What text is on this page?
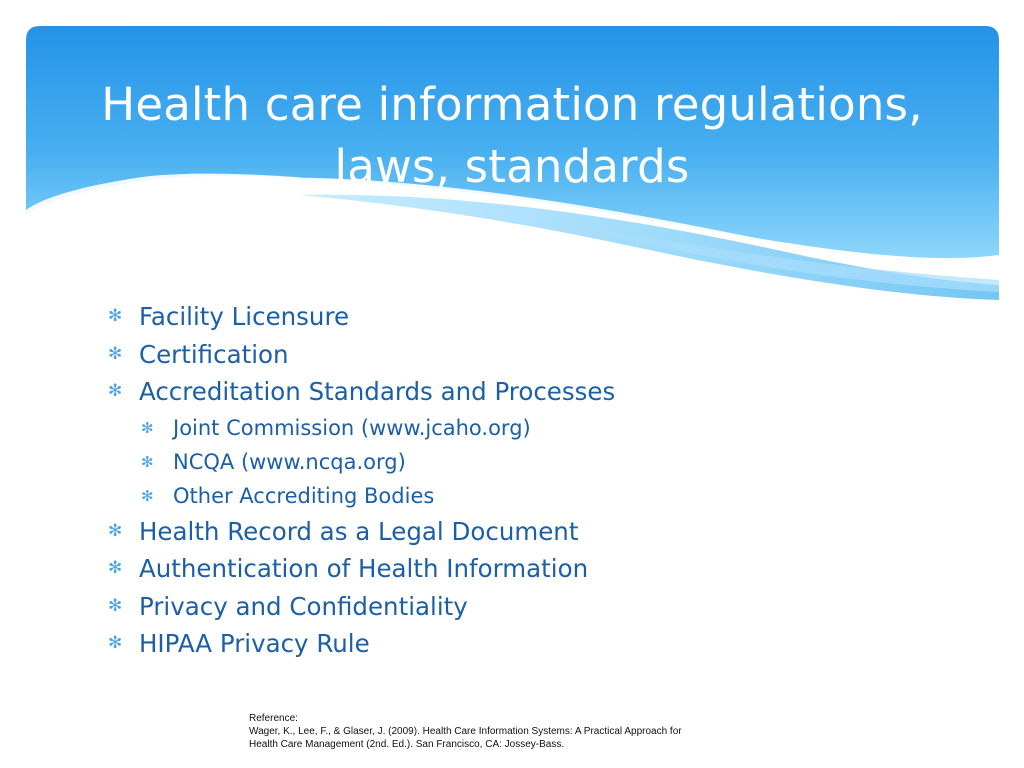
Health care information regulations,
laws, standards
✻ Facility Licensure
✻ Certification
✻ Accreditation Standards and Processes
✻ Joint Commission (www.jcaho.org)
✻ NCQA (www.ncqa.org)
✻ Other Accrediting Bodies
✻ Health Record as a Legal Document
✻ Authentication of Health Information
✻ Privacy and Confidentiality
✻ HIPAA Privacy Rule
Reference:
Wager, K., Lee, F., & Glaser, J. (2009). Health Care Information Systems: A Practical Approach for
Health Care Management (2nd. Ed.). San Francisco, CA: Jossey-Bass.
